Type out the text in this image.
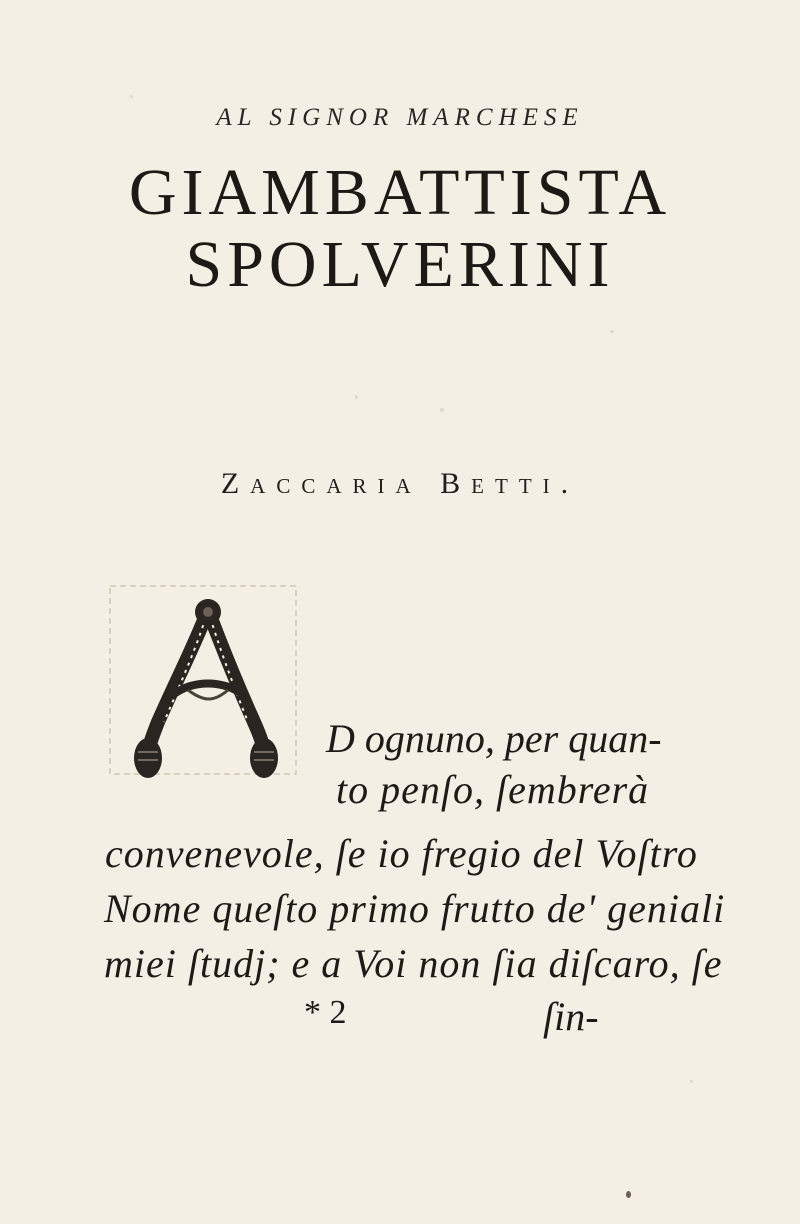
AL SIGNOR MARCHESE
GIAMBATTISTA
SPOLVERINI
Zaccaria Betti.
D ognuno, per quan-
to penſo, ſembrerà
convenevole, ſe io fregio del Voſtro
Nome queſto primo frutto de' geniali
miei ſtudj; e a Voi non ſia diſcaro, ſe
* 2	ſin-
